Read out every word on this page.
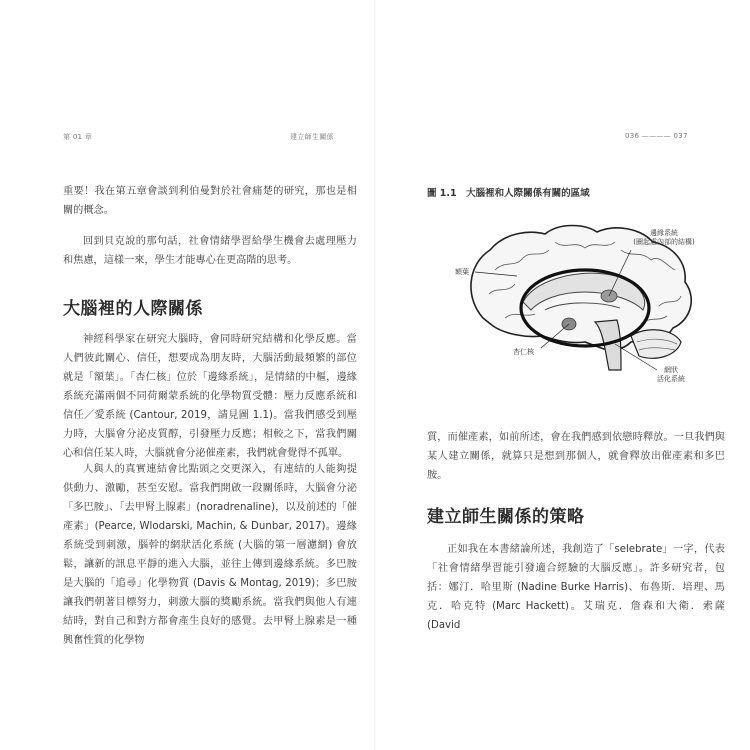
第 01 章	建立師生關係

重要！我在第五章會談到利伯曼對於社會痛楚的研究，那也是相關的概念。

回到貝克說的那句話，社會情緒學習給學生機會去處理壓力和焦慮，這樣一來，學生才能專心在更高階的思考。

大腦裡的人際關係

神經科學家在研究大腦時，會同時研究結構和化學反應。當人們彼此關心、信任，想要成為朋友時，大腦活動最頻繁的部位就是「額葉」。「杏仁核」位於「邊緣系統」，是情緒的中樞，邊緣系統充滿兩個不同荷爾蒙系統的化學物質受體：壓力反應系統和信任／愛系統 (Cantour, 2019，請見圖 1.1)。當我們感受到壓力時，大腦會分泌皮質醇，引發壓力反應；相較之下，當我們關心和信任某人時，大腦就會分泌催產素，我們就會覺得不孤單。

人與人的真實連結會比點頭之交更深入，有連結的人能夠提供動力、激勵，甚至安慰。當我們開啟一段關係時，大腦會分泌「多巴胺」、「去甲腎上腺素」(noradrenaline)，以及前述的「催產素」(Pearce, Wlodarski, Machin, & Dunbar, 2017)。邊緣系統受到刺激，腦幹的網狀活化系統 (大腦的第一層濾網) 會放鬆，讓新的訊息平靜的進入大腦，並往上傳到邊緣系統。多巴胺是大腦的「追尋」化學物質 (Davis & Montag, 2019)；多巴胺讓我們朝著目標努力，刺激大腦的獎勵系統。當我們與他人有連結時，對自己和對方都會產生良好的感覺。去甲腎上腺素是一種興奮性質的化學物

036 ———— 037
圖 1.1　大腦裡和人際關係有關的區域
邊緣系統
(圈起處內部的結構)
額葉
杏仁核
網狀
活化系統

質，而催產素，如前所述，會在我們感到依戀時釋放。一旦我們與某人建立關係，就算只是想到那個人，就會釋放出催產素和多巴胺。

建立師生關係的策略

正如我在本書緒論所述，我創造了「selebrate」一字，代表「社會情緒學習能引發適合經驗的大腦反應」。許多研究者，包括：娜汀．哈里斯 (Nadine Burke Harris)、布魯斯．培理、馬克．哈克特 (Marc Hackett)。艾瑞克．詹森和大衛．索薩 (David
